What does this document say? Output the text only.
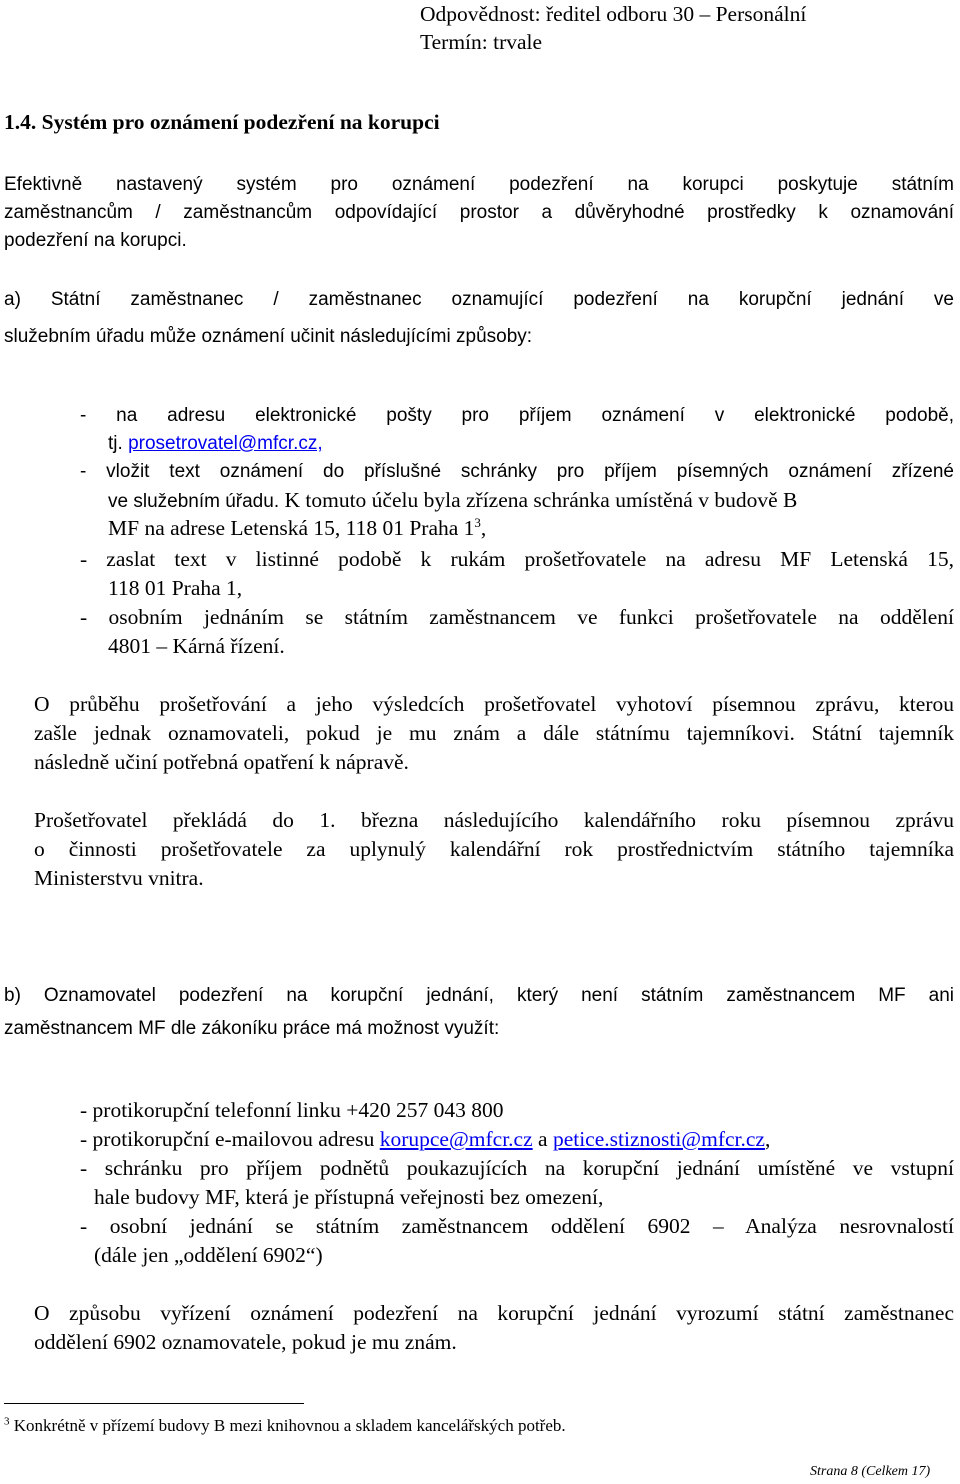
Odpovědnost: ředitel odboru 30 – Personální
Termín: trvale
1.4. Systém pro oznámení podezření na korupci
Efektivně nastavený systém pro oznámení podezření na korupci poskytuje státním
zaměstnancům / zaměstnancům odpovídající prostor a důvěryhodné prostředky k oznamování
podezření na korupci.
a) Státní zaměstnanec / zaměstnanec oznamující podezření na korupční jednání ve
služebním úřadu může oznámení učinit následujícími způsoby:
- na adresu elektronické pošty pro příjem oznámení v elektronické podobě,
tj. prosetrovatel@mfcr.cz,
- vložit text oznámení do příslušné schránky pro příjem písemných oznámení zřízené
ve služebním úřadu. K tomuto účelu byla zřízena schránka umístěná v budově B
MF na adrese Letenská 15, 118 01 Praha $1^3$,
- zaslat text v listinné podobě k rukám prošetřovatele na adresu MF Letenská 15,
118 01 Praha 1,
- osobním jednáním se státním zaměstnancem ve funkci prošetřovatele na oddělení
4801 – Kárná řízení.
O průběhu prošetřování a jeho výsledcích prošetřovatel vyhotoví písemnou zprávu, kterou
zašle jednak oznamovateli, pokud je mu znám a dále státnímu tajemníkovi. Státní tajemník
následně učiní potřebná opatření k nápravě.
Prošetřovatel překládá do 1. března následujícího kalendářního roku písemnou zprávu
o činnosti prošetřovatele za uplynulý kalendářní rok prostřednictvím státního tajemníka
Ministerstvu vnitra.
b) Oznamovatel podezření na korupční jednání, který není státním zaměstnancem MF ani
zaměstnancem MF dle zákoníku práce má možnost využít:
- protikorupční telefonní linku +420 257 043 800
- protikorupční e-mailovou adresu korupce@mfcr.cz a petice.stiznosti@mfcr.cz,
- schránku pro příjem podnětů poukazujících na korupční jednání umístěné ve vstupní
hale budovy MF, která je přístupná veřejnosti bez omezení,
- osobní jednání se státním zaměstnancem oddělení 6902 – Analýza nesrovnalostí
(dále jen „oddělení 6902“)
O způsobu vyřízení oznámení podezření na korupční jednání vyrozumí státní zaměstnanec
oddělení 6902 oznamovatele, pokud je mu znám.
$^3$ Konkrétně v přízemí budovy B mezi knihovnou a skladem kancelářských potřeb.
Strana 8 (Celkem 17)
